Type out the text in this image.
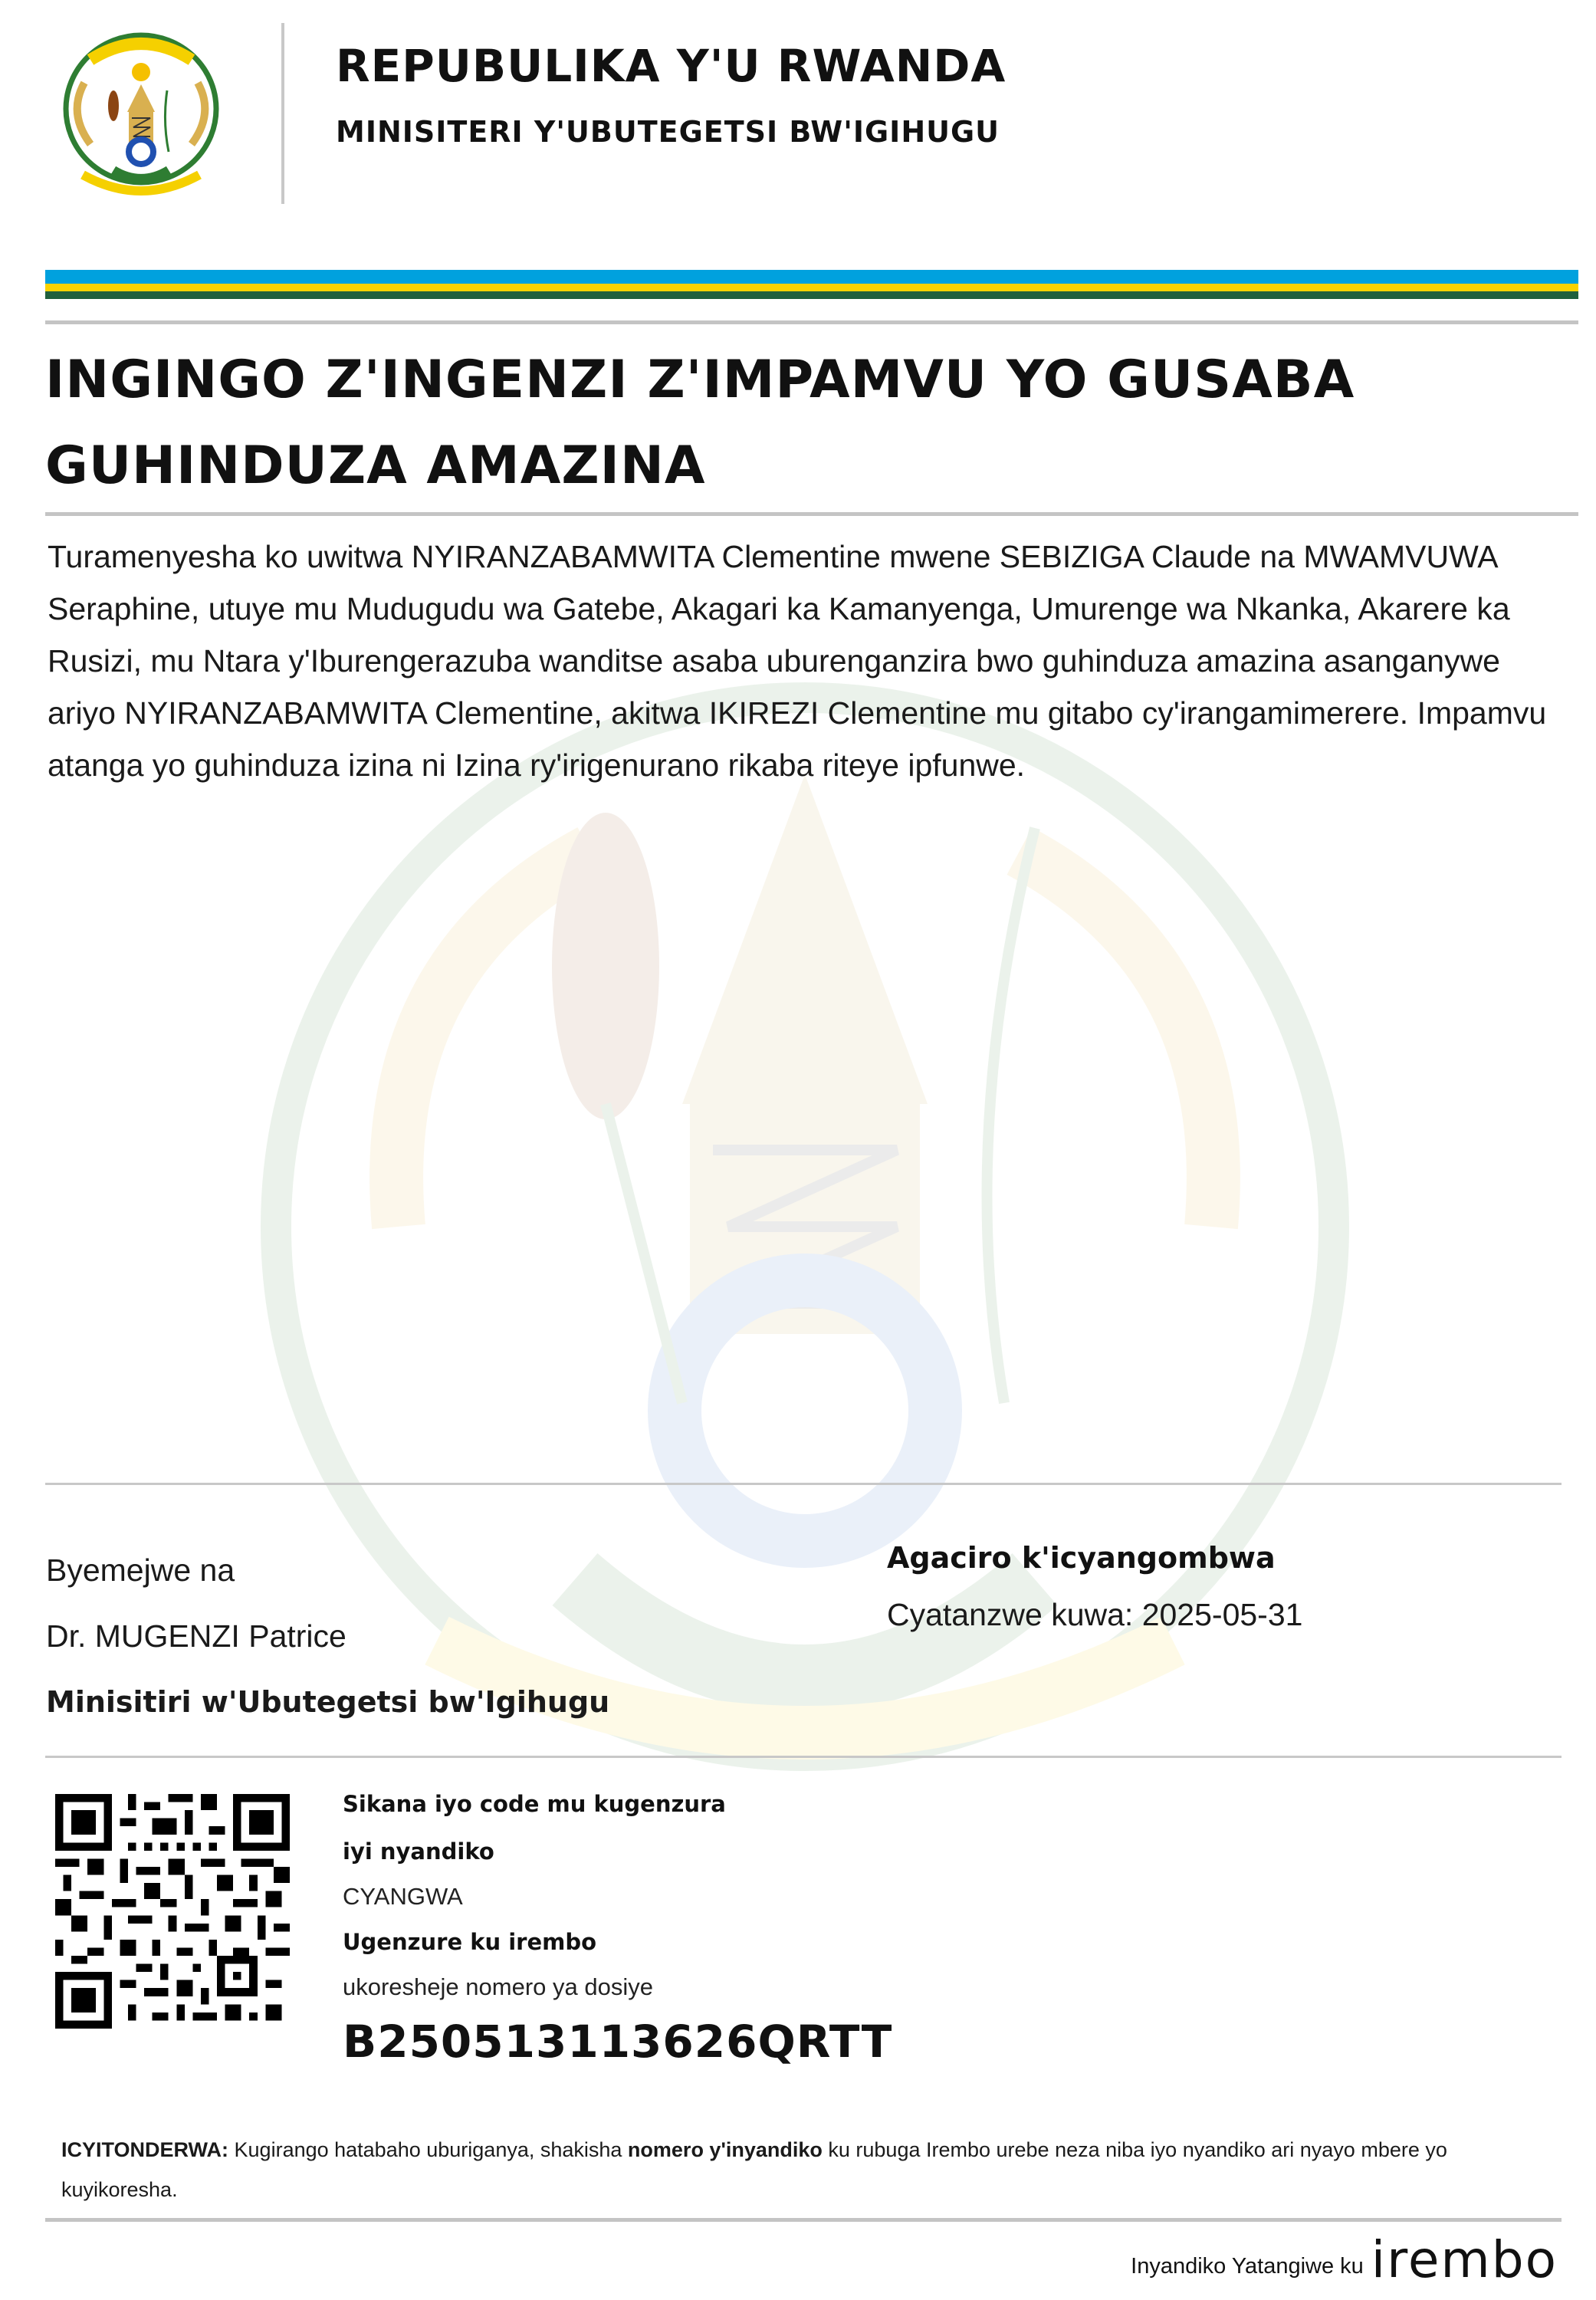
REPUBULIKA Y'U RWANDA
MINISITERI Y'UBUTEGETSI BW'IGIHUGU
INGINGO Z'INGENZI Z'IMPAMVU YO GUSABA
GUHINDUZA AMAZINA

Turamenyesha ko uwitwa NYIRANZABAMWITA Clementine mwene SEBIZIGA Claude na MWAMVUWA Seraphine, utuye mu Mudugudu wa Gatebe, Akagari ka Kamanyenga, Umurenge wa Nkanka, Akarere ka Rusizi, mu Ntara y'Iburengerazuba wanditse asaba uburenganzira bwo guhinduza amazina asanganywe ariyo NYIRANZABAMWITA Clementine, akitwa IKIREZI Clementine mu gitabo cy'irangamimerere. Impamvu atanga yo guhinduza izina ni Izina ry'irigenurano rikaba riteye ipfunwe.

Byemejwe na
Dr. MUGENZI Patrice
Minisitiri w'Ubutegetsi bw'Igihugu
Agaciro k'icyangombwa
Cyatanzwe kuwa: 2025-05-31
Sikana iyo code mu kugenzura
iyi nyandiko
CYANGWA
Ugenzure ku irembo
ukoresheje nomero ya dosiye
B250513113626QRTT

ICYITONDERWA: Kugirango hatabaho uburiganya, shakisha nomero y'inyandiko ku rubuga Irembo urebe neza niba iyo nyandiko ari nyayo mbere yo kuyikoresha.

Inyandiko Yatangiwe ku irembo
